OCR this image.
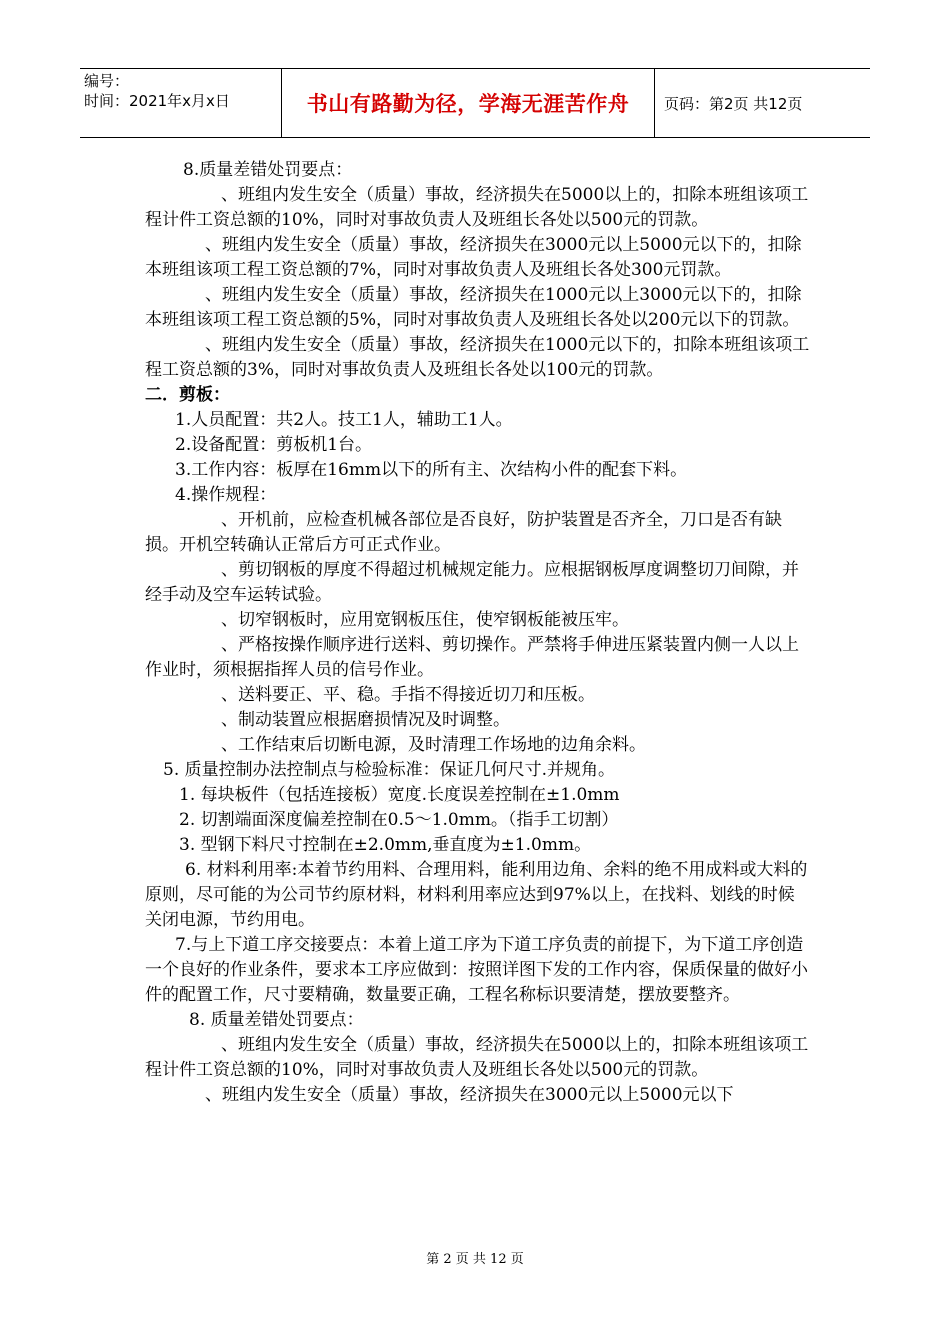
编号：
时间：2021年x月x日	书山有路勤为径，学海无涯苦作舟	页码：第2页 共12页

8.质量差错处罚要点：

、班组内发生安全（质量）事故，经济损失在5000以上的，扣除本班组该项工程计件工资总额的10%，同时对事故负责人及班组长各处以500元的罚款。

、班组内发生安全（质量）事故，经济损失在3000元以上5000元以下的，扣除本班组该项工程工资总额的7%，同时对事故负责人及班组长各处300元罚款。

、班组内发生安全（质量）事故，经济损失在1000元以上3000元以下的，扣除本班组该项工程工资总额的5%，同时对事故负责人及班组长各处以200元以下的罚款。

、班组内发生安全（质量）事故，经济损失在1000元以下的，扣除本班组该项工程工资总额的3%，同时对事故负责人及班组长各处以100元的罚款。

二．剪板：

1.人员配置：共2人。技工1人，辅助工1人。

2.设备配置：剪板机1台。

3.工作内容：板厚在16mm以下的所有主、次结构小件的配套下料。

4.操作规程：

、开机前，应检查机械各部位是否良好，防护装置是否齐全，刀口是否有缺损。开机空转确认正常后方可正式作业。

、剪切钢板的厚度不得超过机械规定能力。应根据钢板厚度调整切刀间隙，并经手动及空车运转试验。

、切窄钢板时，应用宽钢板压住，使窄钢板能被压牢。

、严格按操作顺序进行送料、剪切操作。严禁将手伸进压紧装置内侧一人以上作业时，须根据指挥人员的信号作业。

、送料要正、平、稳。手指不得接近切刀和压板。

、制动装置应根据磨损情况及时调整。

、工作结束后切断电源，及时清理工作场地的边角余料。

5. 质量控制办法控制点与检验标准：保证几何尺寸.并规角。

1. 每块板件（包括连接板）宽度.长度误差控制在±1.0mm

2. 切割端面深度偏差控制在0.5～1.0mm。（指手工切割）

3. 型钢下料尺寸控制在±2.0mm,垂直度为±1.0mm。

6. 材料利用率:本着节约用料、合理用料，能利用边角、余料的绝不用成料或大料的原则，尽可能的为公司节约原材料，材料利用率应达到97%以上，在找料、划线的时候关闭电源，节约用电。

7.与上下道工序交接要点：本着上道工序为下道工序负责的前提下，为下道工序创造一个良好的作业条件，要求本工序应做到：按照详图下发的工作内容，保质保量的做好小件的配置工作，尺寸要精确，数量要正确，工程名称标识要清楚，摆放要整齐。

8. 质量差错处罚要点：

、班组内发生安全（质量）事故，经济损失在5000以上的，扣除本班组该项工程计件工资总额的10%，同时对事故负责人及班组长各处以500元的罚款。

、班组内发生安全（质量）事故，经济损失在3000元以上5000元以下

第 2 页 共 12 页
